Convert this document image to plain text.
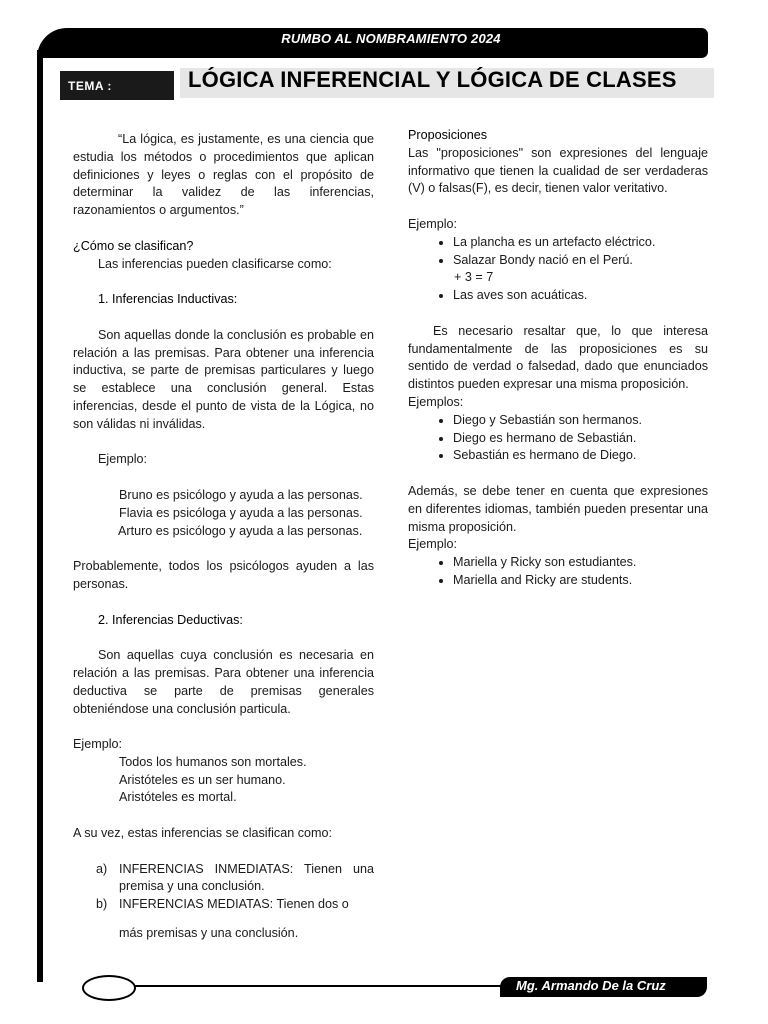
RUMBO AL NOMBRAMIENTO 2024
TEMA :	LÓGICA INFERENCIAL Y LÓGICA DE CLASES

“La lógica, es justamente, es una ciencia que estudia los métodos o procedimientos que aplican definiciones y leyes o reglas con el propósito de determinar la validez de las inferencias, razonamientos o argumentos.”

¿Cómo se clasifican?

Las inferencias pueden clasificarse como:

1. Inferencias Inductivas:

Son aquellas donde la conclusión es probable en relación a las premisas. Para obtener una inferencia inductiva, se parte de premisas particulares y luego se establece una conclusión general. Estas inferencias, desde el punto de vista de la Lógica, no son válidas ni inválidas.

Ejemplo:

Bruno es psicólogo y ayuda a las personas.

Flavia es psicóloga y ayuda a las personas.

Arturo es psicólogo y ayuda a las personas.

Probablemente, todos los psicólogos ayuden a las personas.

2. Inferencias Deductivas:

Son aquellas cuya conclusión es necesaria en relación a las premisas. Para obtener una inferencia deductiva se parte de premisas generales obteniéndose una conclusión particula.

Ejemplo:

Todos los humanos son mortales.

Aristóteles es un ser humano.

Aristóteles es mortal.

A su vez, estas inferencias se clasifican como:

a) INFERENCIAS INMEDIATAS: Tienen una premisa y una conclusión.
b) INFERENCIAS MEDIATAS: Tienen dos o

más premisas y una conclusión.

Proposiciones

Las "proposiciones" son expresiones del lenguaje informativo que tienen la cualidad de ser verdaderas (V) o falsas(F), es decir, tienen valor veritativo.

Ejemplo:

• La plancha es un artefacto eléctrico.
• Salazar Bondy nació en el Perú.

+ 3 = 7

• Las aves son acuáticas.

Es necesario resaltar que, lo que interesa fundamentalmente de las proposiciones es su sentido de verdad o falsedad, dado que enunciados distintos pueden expresar una misma proposición.

Ejemplos:

• Diego y Sebastián son hermanos.
• Diego es hermano de Sebastián.
• Sebastián es hermano de Diego.

Además, se debe tener en cuenta que expresiones en diferentes idiomas, también pueden presentar una misma proposición.

Ejemplo:

• Mariella y Ricky son estudiantes.
• Mariella and Ricky are students.
Mg. Armando De la Cruz
